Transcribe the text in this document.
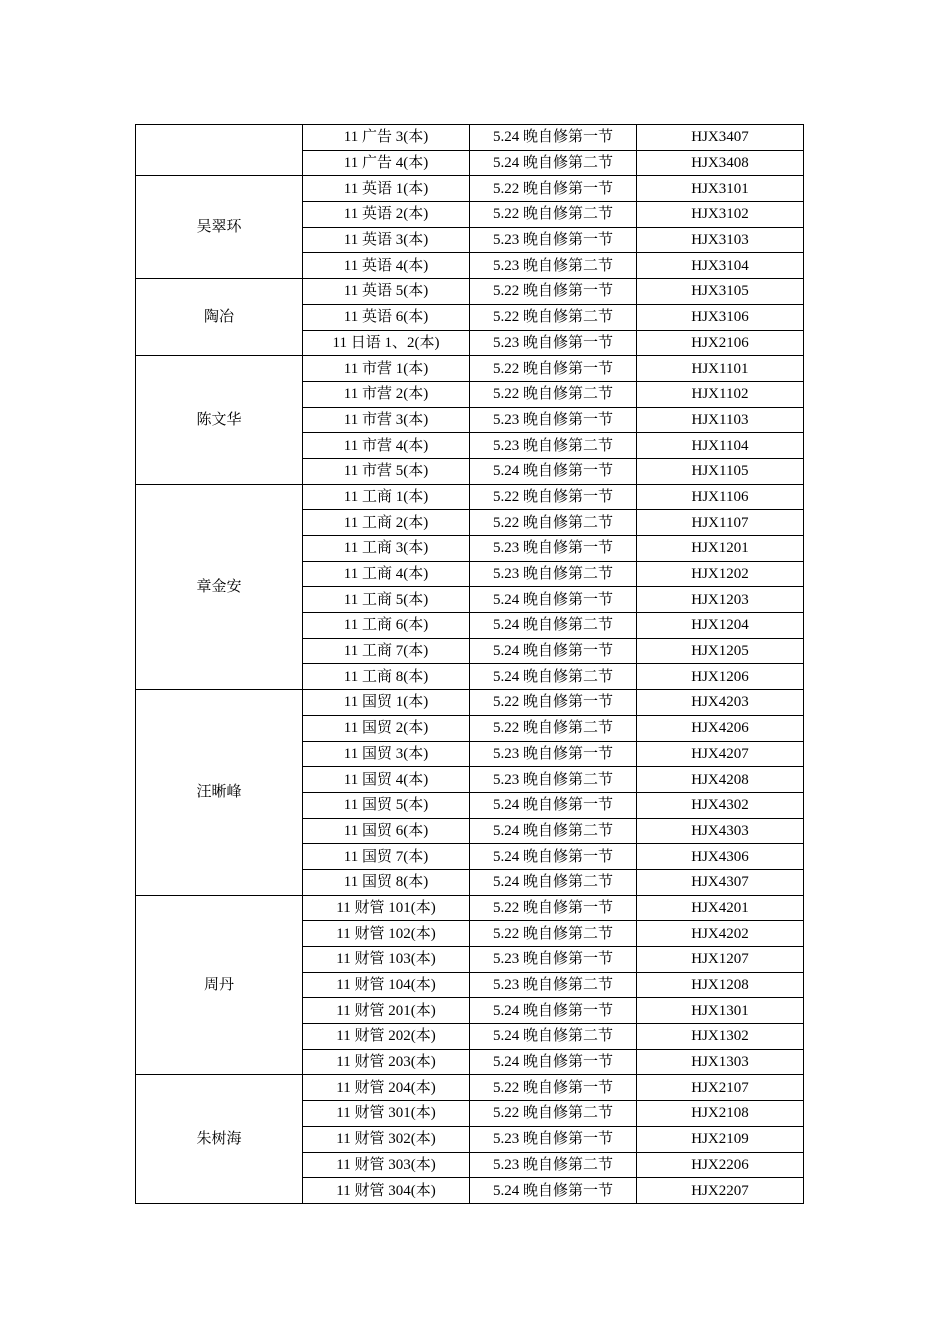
	11 广告 3(本)	5.24 晚自修第一节	HJX3407
	11 广告 4(本)	5.24 晚自修第二节	HJX3408
吴翠环	11 英语 1(本)	5.22 晚自修第一节	HJX3101
	11 英语 2(本)	5.22 晚自修第二节	HJX3102
	11 英语 3(本)	5.23 晚自修第一节	HJX3103
	11 英语 4(本)	5.23 晚自修第二节	HJX3104
陶冶	11 英语 5(本)	5.22 晚自修第一节	HJX3105
	11 英语 6(本)	5.22 晚自修第二节	HJX3106
	11 日语 1、2(本)	5.23 晚自修第一节	HJX2106
陈文华	11 市营 1(本)	5.22 晚自修第一节	HJX1101
	11 市营 2(本)	5.22 晚自修第二节	HJX1102
	11 市营 3(本)	5.23 晚自修第一节	HJX1103
	11 市营 4(本)	5.23 晚自修第二节	HJX1104
	11 市营 5(本)	5.24 晚自修第一节	HJX1105
章金安	11 工商 1(本)	5.22 晚自修第一节	HJX1106
	11 工商 2(本)	5.22 晚自修第二节	HJX1107
	11 工商 3(本)	5.23 晚自修第一节	HJX1201
	11 工商 4(本)	5.23 晚自修第二节	HJX1202
	11 工商 5(本)	5.24 晚自修第一节	HJX1203
	11 工商 6(本)	5.24 晚自修第二节	HJX1204
	11 工商 7(本)	5.24 晚自修第一节	HJX1205
	11 工商 8(本)	5.24 晚自修第二节	HJX1206
汪晰峰	11 国贸 1(本)	5.22 晚自修第一节	HJX4203
	11 国贸 2(本)	5.22 晚自修第二节	HJX4206
	11 国贸 3(本)	5.23 晚自修第一节	HJX4207
	11 国贸 4(本)	5.23 晚自修第二节	HJX4208
	11 国贸 5(本)	5.24 晚自修第一节	HJX4302
	11 国贸 6(本)	5.24 晚自修第二节	HJX4303
	11 国贸 7(本)	5.24 晚自修第一节	HJX4306
	11 国贸 8(本)	5.24 晚自修第二节	HJX4307
周丹	11 财管 101(本)	5.22 晚自修第一节	HJX4201
	11 财管 102(本)	5.22 晚自修第二节	HJX4202
	11 财管 103(本)	5.23 晚自修第一节	HJX1207
	11 财管 104(本)	5.23 晚自修第二节	HJX1208
	11 财管 201(本)	5.24 晚自修第一节	HJX1301
	11 财管 202(本)	5.24 晚自修第二节	HJX1302
	11 财管 203(本)	5.24 晚自修第一节	HJX1303
朱树海	11 财管 204(本)	5.22 晚自修第一节	HJX2107
	11 财管 301(本)	5.22 晚自修第二节	HJX2108
	11 财管 302(本)	5.23 晚自修第一节	HJX2109
	11 财管 303(本)	5.23 晚自修第二节	HJX2206
	11 财管 304(本)	5.24 晚自修第一节	HJX2207
